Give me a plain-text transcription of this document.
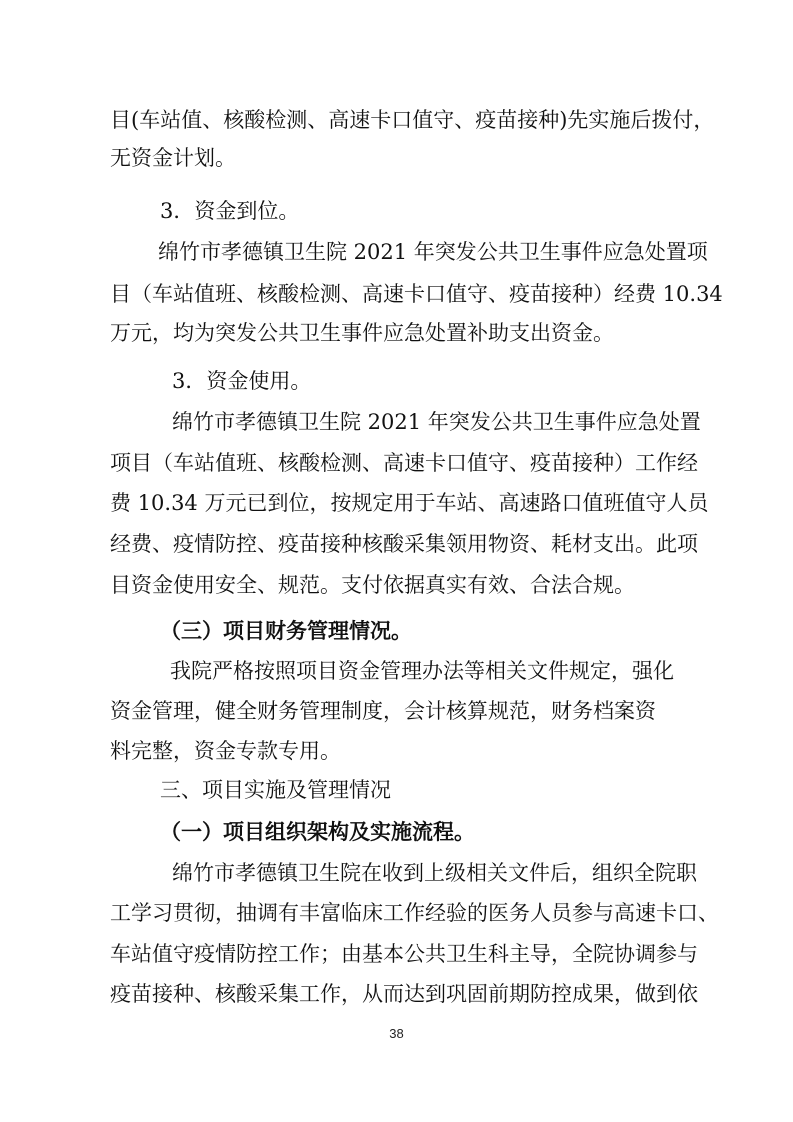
目(车站值、核酸检测、高速卡口值守、疫苗接种)先实施后拨付，
无资金计划。
3．资金到位。
绵竹市孝德镇卫生院 2021 年突发公共卫生事件应急处置项
目（车站值班、核酸检测、高速卡口值守、疫苗接种）经费 10.34
万元，均为突发公共卫生事件应急处置补助支出资金。
3．资金使用。
绵竹市孝德镇卫生院 2021 年突发公共卫生事件应急处置
项目（车站值班、核酸检测、高速卡口值守、疫苗接种）工作经
费 10.34 万元已到位，按规定用于车站、高速路口值班值守人员
经费、疫情防控、疫苗接种核酸采集领用物资、耗材支出。此项
目资金使用安全、规范。支付依据真实有效、合法合规。
（三）项目财务管理情况。
我院严格按照项目资金管理办法等相关文件规定，强化
资金管理，健全财务管理制度，会计核算规范，财务档案资
料完整，资金专款专用。
三、项目实施及管理情况
（一）项目组织架构及实施流程。
绵竹市孝德镇卫生院在收到上级相关文件后，组织全院职
工学习贯彻，抽调有丰富临床工作经验的医务人员参与高速卡口、
车站值守疫情防控工作；由基本公共卫生科主导，全院协调参与
疫苗接种、核酸采集工作，从而达到巩固前期防控成果，做到依
38
